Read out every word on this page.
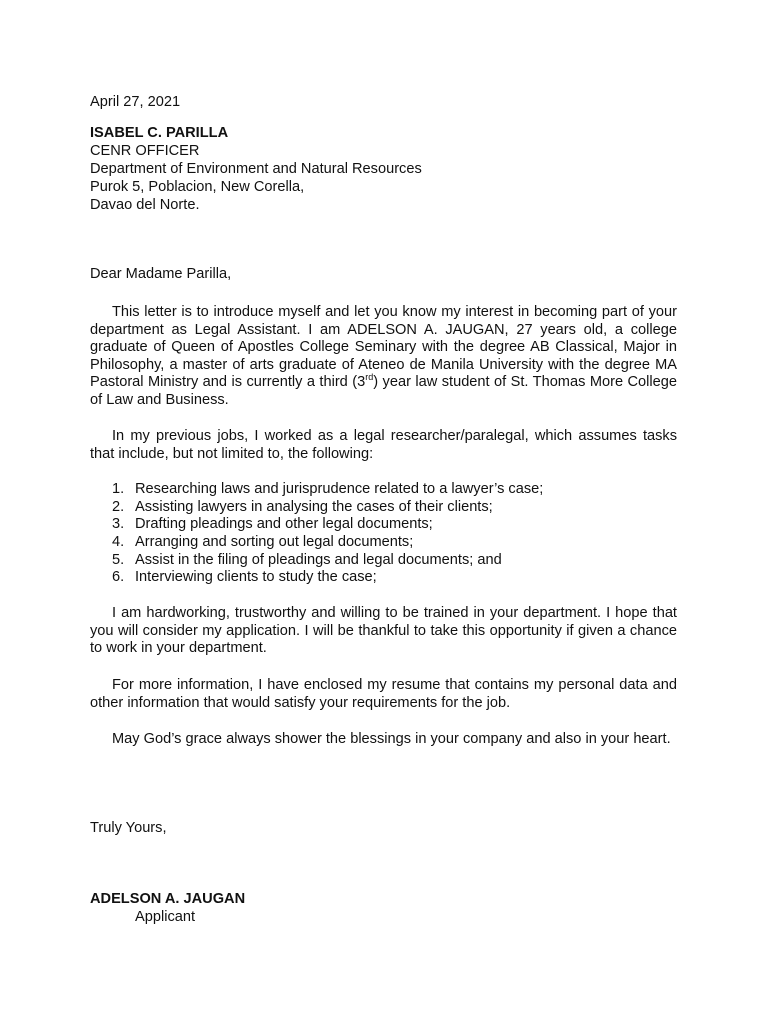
April 27, 2021
ISABEL C. PARILLA
CENR OFFICER
Department of Environment and Natural Resources
Purok 5, Poblacion, New Corella,
Davao del Norte.
Dear Madame Parilla,

This letter is to introduce myself and let you know my interest in becoming part of your department as Legal Assistant. I am ADELSON A. JAUGAN, 27 years old, a college graduate of Queen of Apostles College Seminary with the degree AB Classical, Major in Philosophy, a master of arts graduate of Ateneo de Manila University with the degree MA Pastoral Ministry and is currently a third (3rd) year law student of St. Thomas More College of Law and Business.

In my previous jobs, I worked as a legal researcher/paralegal, which assumes tasks that include, but not limited to, the following:

1. Researching laws and jurisprudence related to a lawyer’s case;
2. Assisting lawyers in analysing the cases of their clients;
3. Drafting pleadings and other legal documents;
4. Arranging and sorting out legal documents;
5. Assist in the filing of pleadings and legal documents; and
6. Interviewing clients to study the case;

I am hardworking, trustworthy and willing to be trained in your department. I hope that you will consider my application. I will be thankful to take this opportunity if given a chance to work in your department.

For more information, I have enclosed my resume that contains my personal data and other information that would satisfy your requirements for the job.

May God’s grace always shower the blessings in your company and also in your heart.

Truly Yours,
ADELSON A. JAUGAN
Applicant
